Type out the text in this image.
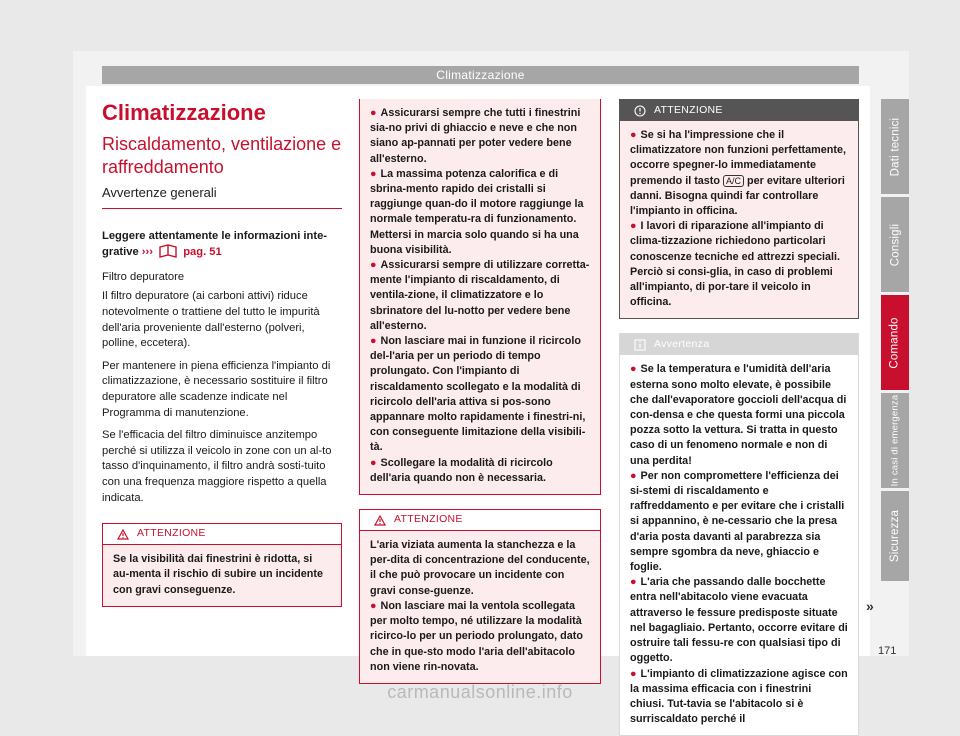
Climatizzazione
Climatizzazione
Riscaldamento, ventilazione e raffreddamento
Avvertenze generali
Leggere attentamente le informazioni inte-grative ›››	pag. 51
Filtro depuratore

Il filtro depuratore (ai carboni attivi) riduce notevolmente o trattiene del tutto le impurità dell'aria proveniente dall'esterno (polveri, polline, eccetera).

Per mantenere in piena efficienza l'impianto di climatizzazione, è necessario sostituire il filtro depuratore alle scadenze indicate nel Programma di manutenzione.

Se l'efficacia del filtro diminuisce anzitempo perché si utilizza il veicolo in zone con un al-to tasso d'inquinamento, il filtro andrà sosti-tuito con una frequenza maggiore rispetto a quella indicata.

ATTENZIONE
Se la visibilità dai finestrini è ridotta, si au-menta il rischio di subire un incidente con gravi conseguenze.
● Assicurarsi sempre che tutti i finestrini sia-no privi di ghiaccio e neve e che non siano ap-pannati per poter vedere bene all'esterno.
● La massima potenza calorifica e di sbrina-mento rapido dei cristalli si raggiunge quan-do il motore raggiunge la normale temperatu-ra di funzionamento. Mettersi in marcia solo quando si ha una buona visibilità.
● Assicurarsi sempre di utilizzare corretta-mente l'impianto di riscaldamento, di ventila-zione, il climatizzatore e lo sbrinatore del lu-notto per vedere bene all'esterno.
● Non lasciare mai in funzione il ricircolo del-l'aria per un periodo di tempo prolungato. Con l'impianto di riscaldamento scollegato e la modalità di ricircolo dell'aria attiva si pos-sono appannare molto rapidamente i finestri-ni, con conseguente limitazione della visibili-tà.
● Scollegare la modalità di ricircolo dell'aria quando non è necessaria.
ATTENZIONE
L'aria viziata aumenta la stanchezza e la per-dita di concentrazione del conducente, il che può provocare un incidente con gravi conse-guenze.
● Non lasciare mai la ventola scollegata per molto tempo, né utilizzare la modalità ricirco-lo per un periodo prolungato, dato che in que-sto modo l'aria dell'abitacolo non viene rin-novata.
ATTENZIONE
● Se si ha l'impressione che il climatizzatore non funzioni perfettamente, occorre spegner-lo immediatamente premendo il tasto A/C per evitare ulteriori danni. Bisogna quindi far controllare l'impianto in officina.
● I lavori di riparazione all'impianto di clima-tizzazione richiedono particolari conoscenze tecniche ed attrezzi speciali. Perciò si consi-glia, in caso di problemi all'impianto, di por-tare il veicolo in officina.
Avvertenza
● Se la temperatura e l'umidità dell'aria esterna sono molto elevate, è possibile che dall'evaporatore goccioli dell'acqua di con-densa e che questa formi una piccola pozza sotto la vettura. Si tratta in questo caso di un fenomeno normale e non di una perdita!
● Per non compromettere l'efficienza dei si-stemi di riscaldamento e raffreddamento e per evitare che i cristalli si appannino, è ne-cessario che la presa d'aria posta davanti al parabrezza sia sempre sgombra da neve, ghiaccio e foglie.
● L'aria che passando dalle bocchette entra nell'abitacolo viene evacuata attraverso le fessure predisposte situate nel bagagliaio. Pertanto, occorre evitare di ostruire tali fessu-re con qualsiasi tipo di oggetto.
● L'impianto di climatizzazione agisce con la massima efficacia con i finestrini chiusi. Tut-tavia se l'abitacolo si è surriscaldato perché il
»
Dati tecnici
Consigli
Comando
In casi di emergenza
Sicurezza
171
carmanualsonline.info
